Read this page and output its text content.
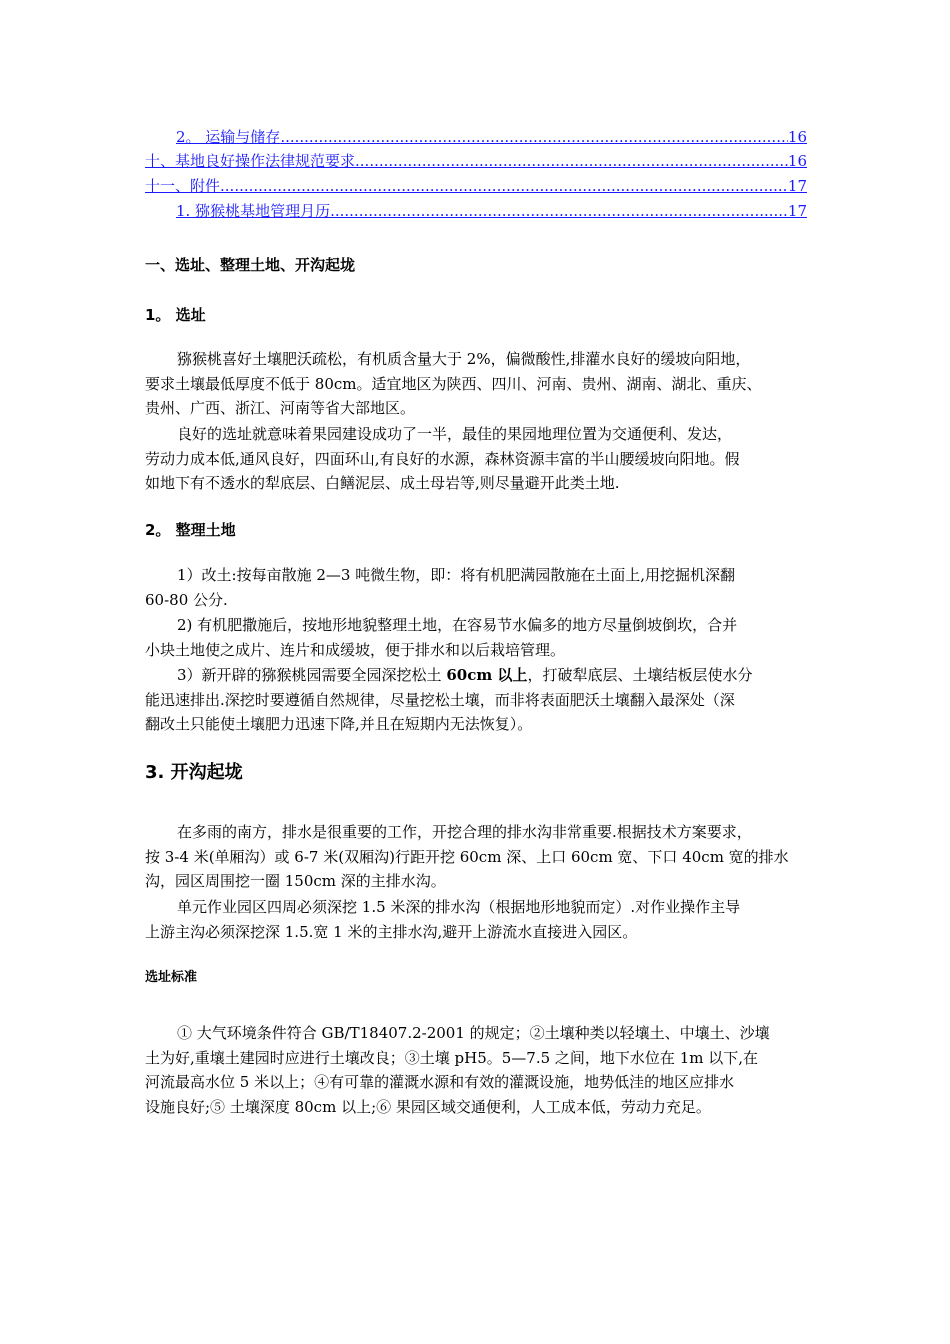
2。 运输与储存 .....	16
十、基地良好操作法律规范要求 .....	16
十一、附件 .....	17
1. 猕猴桃基地管理月历 .....	17
一、选址、整理土地、开沟起垅
1。 选址
猕猴桃喜好土壤肥沃疏松，有机质含量大于 2%，偏微酸性,排灌水良好的缓坡向阳地，
要求土壤最低厚度不低于 80cm。适宜地区为陕西、四川、河南、贵州、湖南、湖北、重庆、
贵州、广西、浙江、河南等省大部地区。
良好的选址就意味着果园建设成功了一半，最佳的果园地理位置为交通便利、发达，
劳动力成本低,通风良好，四面环山,有良好的水源，森林资源丰富的半山腰缓坡向阳地。假
如地下有不透水的犁底层、白鳝泥层、成土母岩等,则尽量避开此类土地.
2。 整理土地
1）改土:按每亩散施 2—3 吨微生物，即：将有机肥满园散施在土面上,用挖掘机深翻
60-80 公分.
2) 有机肥撒施后，按地形地貌整理土地，在容易节水偏多的地方尽量倒坡倒坎，合并
小块土地使之成片、连片和成缓坡，便于排水和以后栽培管理。
3）新开辟的猕猴桃园需要全园深挖松土 60cm 以上，打破犁底层、土壤结板层使水分
能迅速排出.深挖时要遵循自然规律，尽量挖松土壤，而非将表面肥沃土壤翻入最深处（深
翻改土只能使土壤肥力迅速下降,并且在短期内无法恢复）。
3. 开沟起垅
在多雨的南方，排水是很重要的工作，开挖合理的排水沟非常重要.根据技术方案要求，
按 3-4 米(单厢沟）或 6-7 米(双厢沟)行距开挖 60cm 深、上口 60cm 宽、下口 40cm 宽的排水
沟，园区周围挖一圈 150cm 深的主排水沟。
单元作业园区四周必须深挖 1.5 米深的排水沟（根据地形地貌而定）.对作业操作主导
上游主沟必须深挖深 1.5.宽 1 米的主排水沟,避开上游流水直接进入园区。
选址标准
① 大气环境条件符合 GB/T18407.2-2001 的规定；②土壤种类以轻壤土、中壤土、沙壤
土为好,重壤土建园时应进行土壤改良；③土壤 pH5。5—7.5 之间，地下水位在 1m 以下,在
河流最高水位 5 米以上；④有可靠的灌溉水源和有效的灌溉设施，地势低洼的地区应排水
设施良好;⑤ 土壤深度 80cm 以上;⑥ 果园区域交通便利，人工成本低，劳动力充足。
